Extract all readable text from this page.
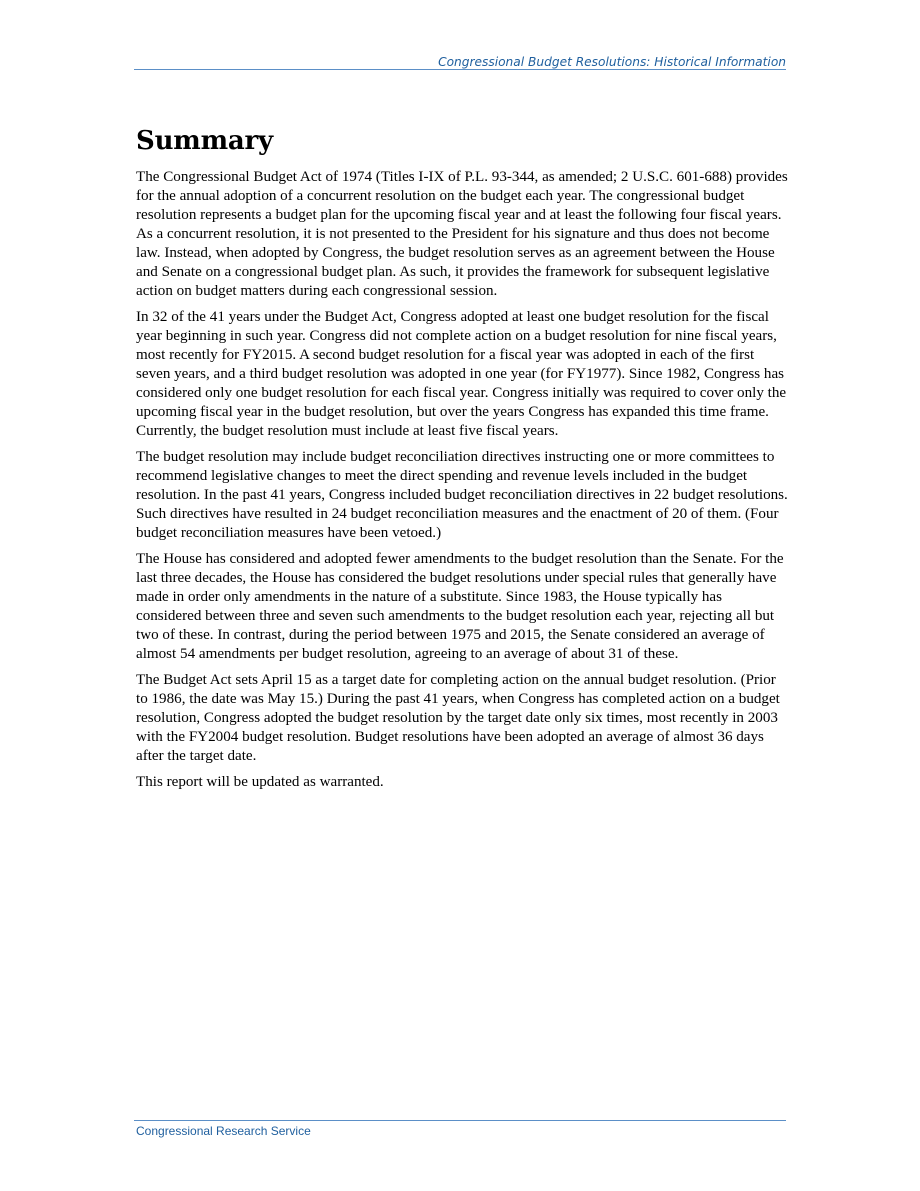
Congressional Budget Resolutions: Historical Information
Summary

The Congressional Budget Act of 1974 (Titles I-IX of P.L. 93-344, as amended; 2 U.S.C. 601-688) provides for the annual adoption of a concurrent resolution on the budget each year. The congressional budget resolution represents a budget plan for the upcoming fiscal year and at least the following four fiscal years. As a concurrent resolution, it is not presented to the President for his signature and thus does not become law. Instead, when adopted by Congress, the budget resolution serves as an agreement between the House and Senate on a congressional budget plan. As such, it provides the framework for subsequent legislative action on budget matters during each congressional session.

In 32 of the 41 years under the Budget Act, Congress adopted at least one budget resolution for the fiscal year beginning in such year. Congress did not complete action on a budget resolution for nine fiscal years, most recently for FY2015. A second budget resolution for a fiscal year was adopted in each of the first seven years, and a third budget resolution was adopted in one year (for FY1977). Since 1982, Congress has considered only one budget resolution for each fiscal year. Congress initially was required to cover only the upcoming fiscal year in the budget resolution, but over the years Congress has expanded this time frame. Currently, the budget resolution must include at least five fiscal years.

The budget resolution may include budget reconciliation directives instructing one or more committees to recommend legislative changes to meet the direct spending and revenue levels included in the budget resolution. In the past 41 years, Congress included budget reconciliation directives in 22 budget resolutions. Such directives have resulted in 24 budget reconciliation measures and the enactment of 20 of them. (Four budget reconciliation measures have been vetoed.)

The House has considered and adopted fewer amendments to the budget resolution than the Senate. For the last three decades, the House has considered the budget resolutions under special rules that generally have made in order only amendments in the nature of a substitute. Since 1983, the House typically has considered between three and seven such amendments to the budget resolution each year, rejecting all but two of these. In contrast, during the period between 1975 and 2015, the Senate considered an average of almost 54 amendments per budget resolution, agreeing to an average of about 31 of these.

The Budget Act sets April 15 as a target date for completing action on the annual budget resolution. (Prior to 1986, the date was May 15.) During the past 41 years, when Congress has completed action on a budget resolution, Congress adopted the budget resolution by the target date only six times, most recently in 2003 with the FY2004 budget resolution. Budget resolutions have been adopted an average of almost 36 days after the target date.

This report will be updated as warranted.

Congressional Research Service
